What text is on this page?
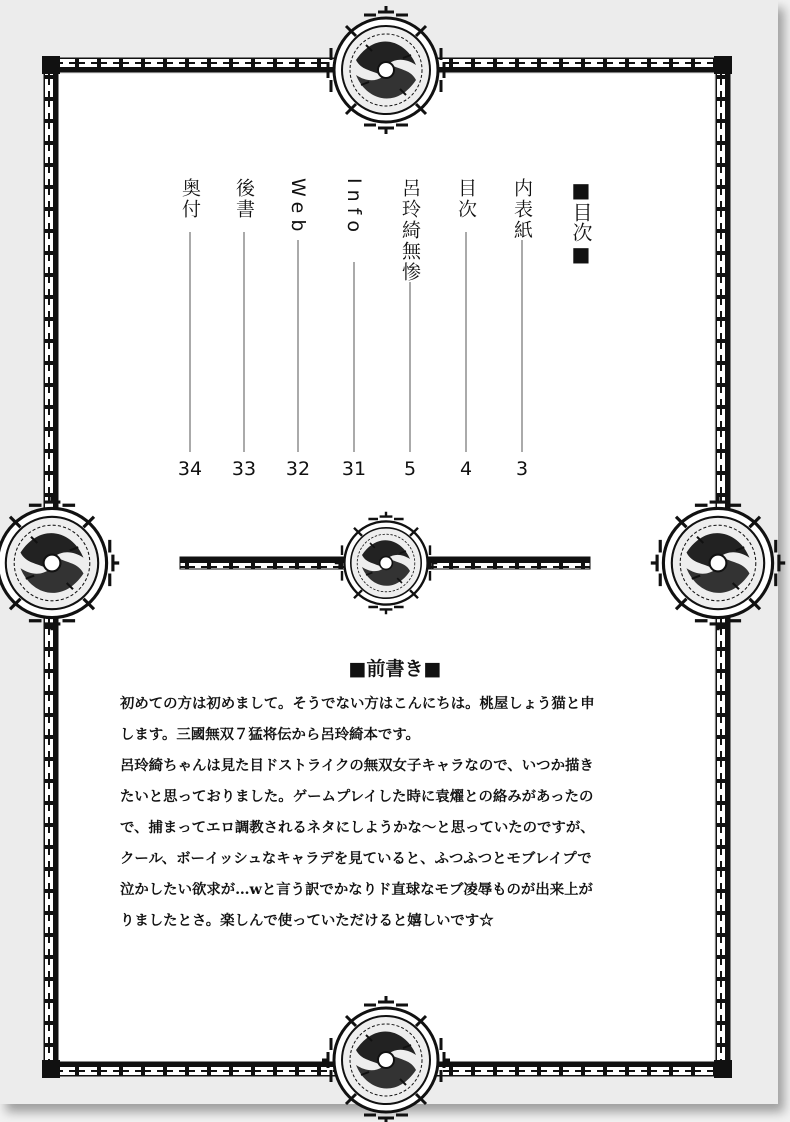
■目次■
内表紙
目次
呂玲綺無惨
Info
Web
後書
奥付
3
4
5
31
32
33
34
■前書き■

初めての方は初めまして。そうでない方はこんにちは。桃屋しょう猫と申

します。三國無双７猛将伝から呂玲綺本です。

呂玲綺ちゃんは見た目ドストライクの無双女子キャラなので、いつか描き

たいと思っておりました。ゲームプレイした時に袁燿との絡みがあったの

で、捕まってエロ調教されるネタにしようかな〜と思っていたのですが、

クール、ボーイッシュなキャラデを見ていると、ふつふつとモブレイプで

泣かしたい欲求が…wと言う訳でかなりド直球なモブ凌辱ものが出来上が

りましたとさ。楽しんで使っていただけると嬉しいです☆
